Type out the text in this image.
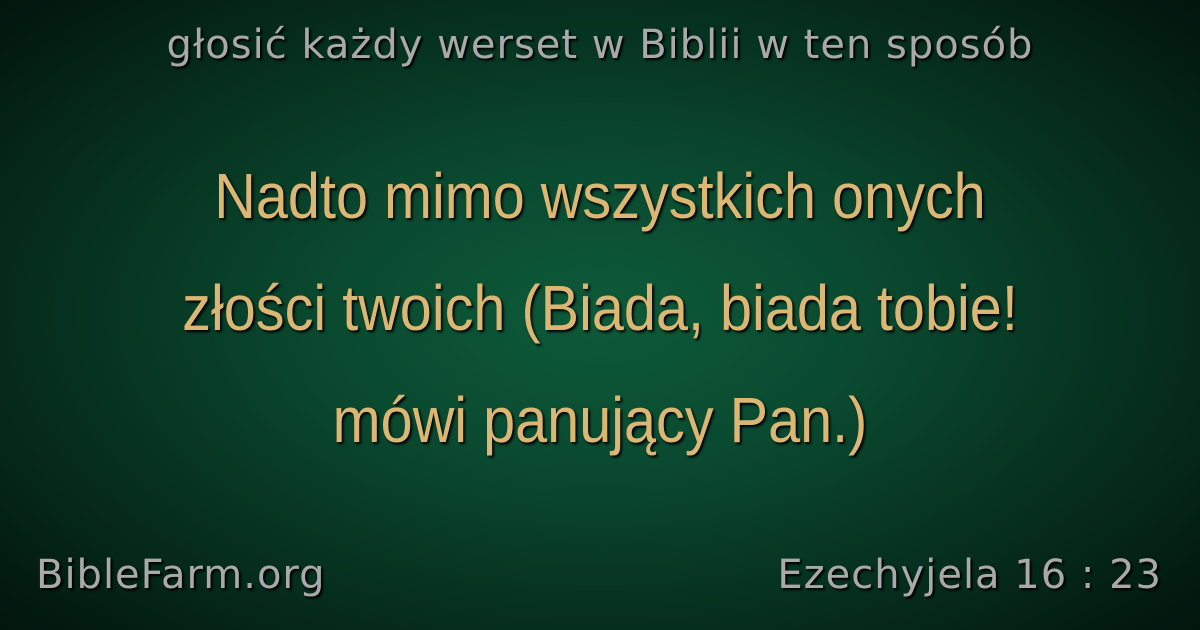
głosić każdy werset w Biblii w ten sposób
Nadto mimo wszystkich onych
złości twoich (Biada, biada tobie!
mówi panujący Pan.)
BibleFarm.org	Ezechyjela 16 : 23
